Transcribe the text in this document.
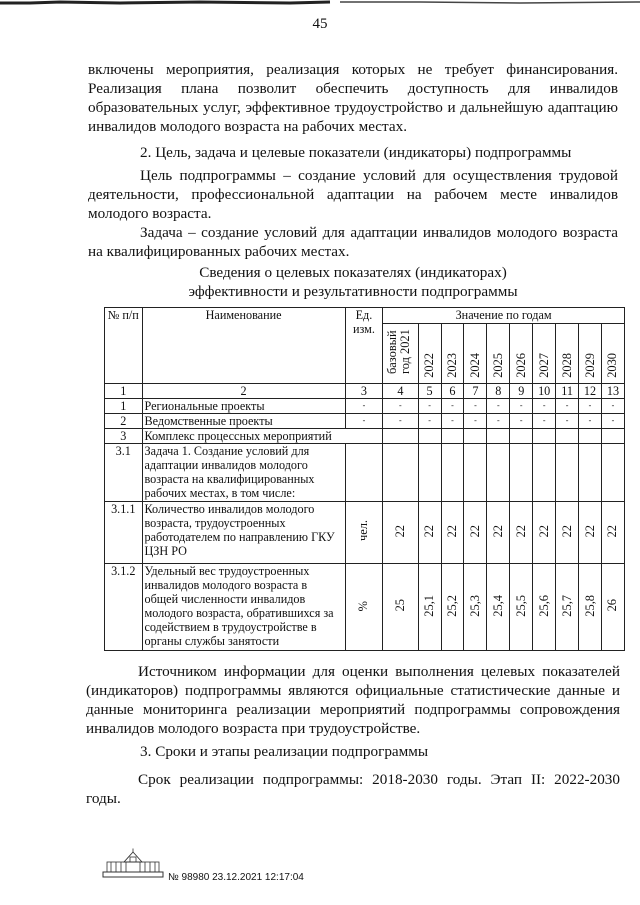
45

включены мероприятия, реализация которых не требует финансирования. Реализация плана позволит обеспечить доступность для инвалидов образовательных услуг, эффективное трудоустройство и дальнейшую адаптацию инвалидов молодого возраста на рабочих местах.

2. Цель, задача и целевые показатели (индикаторы) подпрограммы

Цель подпрограммы – создание условий для осуществления трудовой деятельности, профессиональной адаптации на рабочем месте инвалидов молодого возраста.

Задача – создание условий для адаптации инвалидов молодого возраста на квалифицированных рабочих местах.

Сведения о целевых показателях (индикаторах)

эффективности и результативности подпрограммы

№ п/п	Наименование	Ед. изм.	Значение по годам									
			базовый год 2021	2022	2023	2024	2025	2026	2027	2028	2029	2030
1	2	3	4	5	6	7	8	9	10	11	12	13
1	Региональные проекты	-	-	-	-	-	-	-	-	-	-	-
2	Ведомственные проекты	-	-	-	-	-	-	-	-	-	-	-
3	Комплекс процессных мероприятий											
3.1	Задача 1. Создание условий для адаптации инвалидов молодого возраста на квалифицированных рабочих местах, в том числе:											
3.1.1	Количество инвалидов молодого возраста, трудоустроенных работодателем по направлению ГКУ ЦЗН РО	чел.	22	22	22	22	22	22	22	22	22	22
3.1.2	Удельный вес трудоустроенных инвалидов молодого возраста в общей численности инвалидов молодого возраста, обратившихся за содействием в трудоустройстве в органы службы занятости	%	25	25,1	25,2	25,3	25,4	25,5	25,6	25,7	25,8	26

Источником информации для оценки выполнения целевых показателей (индикаторов) подпрограммы являются официальные статистические данные и данные мониторинга реализации мероприятий подпрограммы сопровождения инвалидов молодого возраста при трудоустройстве.

3. Сроки и этапы реализации подпрограммы

Срок реализации подпрограммы: 2018-2030 годы. Этап II: 2022-2030 годы.

№ 98980 23.12.2021 12:17:04
